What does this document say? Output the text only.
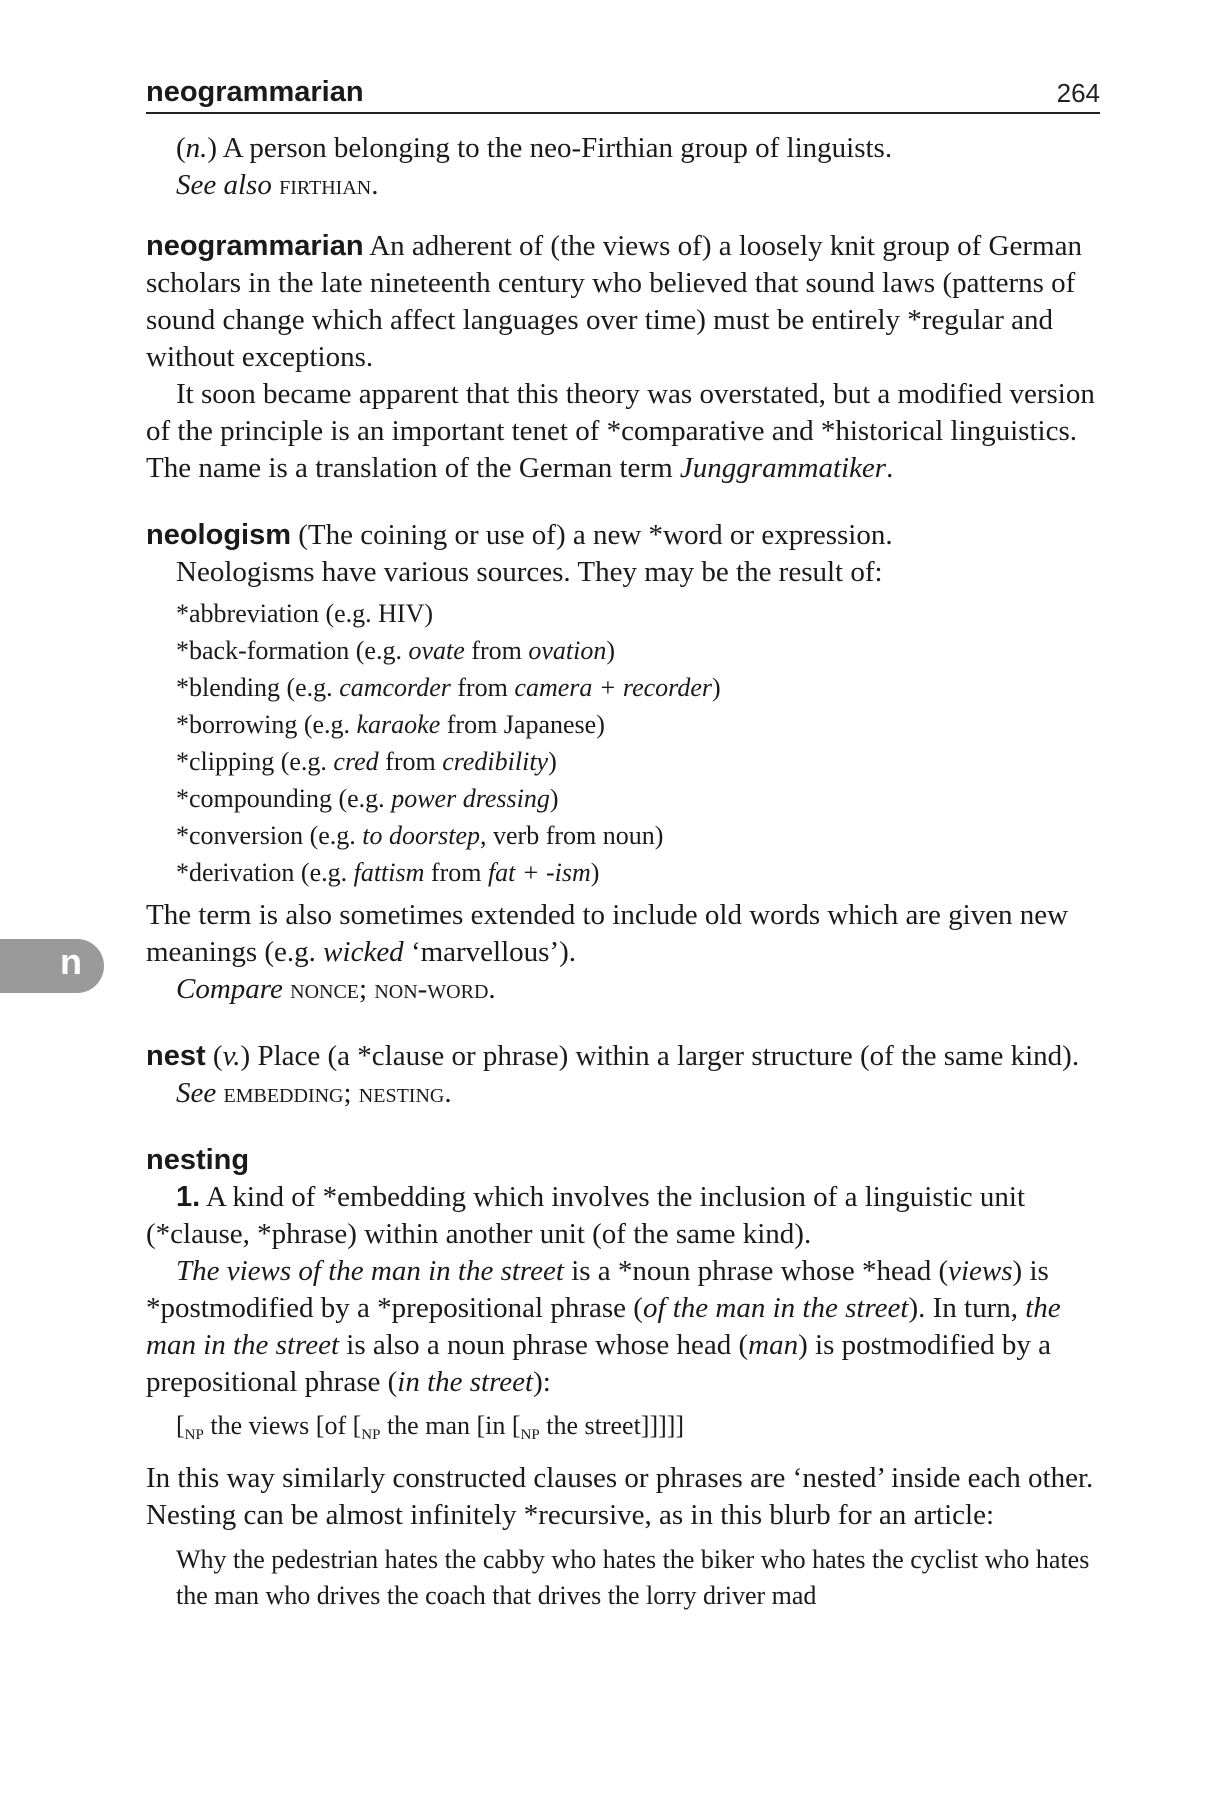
n
neogrammarian	264

(n.) A person belonging to the neo-Firthian group of linguists.

See also firthian.

neogrammarian An adherent of (the views of) a loosely knit group of German scholars in the late nineteenth century who believed that sound laws (patterns of sound change which affect languages over time) must be entirely *regular and without exceptions.

It soon became apparent that this theory was overstated, but a modified version of the principle is an important tenet of *comparative and *historical linguistics. The name is a translation of the German term Junggrammatiker.

neologism (The coining or use of) a new *word or expression.

Neologisms have various sources. They may be the result of:

*abbreviation (e.g. HIV)
*back-formation (e.g. ovate from ovation)
*blending (e.g. camcorder from camera + recorder)
*borrowing (e.g. karaoke from Japanese)
*clipping (e.g. cred from credibility)
*compounding (e.g. power dressing)
*conversion (e.g. to doorstep, verb from noun)
*derivation (e.g. fattism from fat + -ism)

The term is also sometimes extended to include old words which are given new meanings (e.g. wicked ‘marvellous’).

Compare nonce; non-word.

nest (v.) Place (a *clause or phrase) within a larger structure (of the same kind).

See embedding; nesting.

nesting

1. A kind of *embedding which involves the inclusion of a linguistic unit (*clause, *phrase) within another unit (of the same kind).

The views of the man in the street is a *noun phrase whose *head (views) is *postmodified by a *prepositional phrase (of the man in the street). In turn, the man in the street is also a noun phrase whose head (man) is postmodified by a prepositional phrase (in the street):

[$_{NP}$ the views [of [$_{NP}$ the man [in [$_{NP}$ the street]]]]]

In this way similarly constructed clauses or phrases are ‘nested’ inside each other. Nesting can be almost infinitely *recursive, as in this blurb for an article:

Why the pedestrian hates the cabby who hates the biker who hates the cyclist who hates the man who drives the coach that drives the lorry driver mad
